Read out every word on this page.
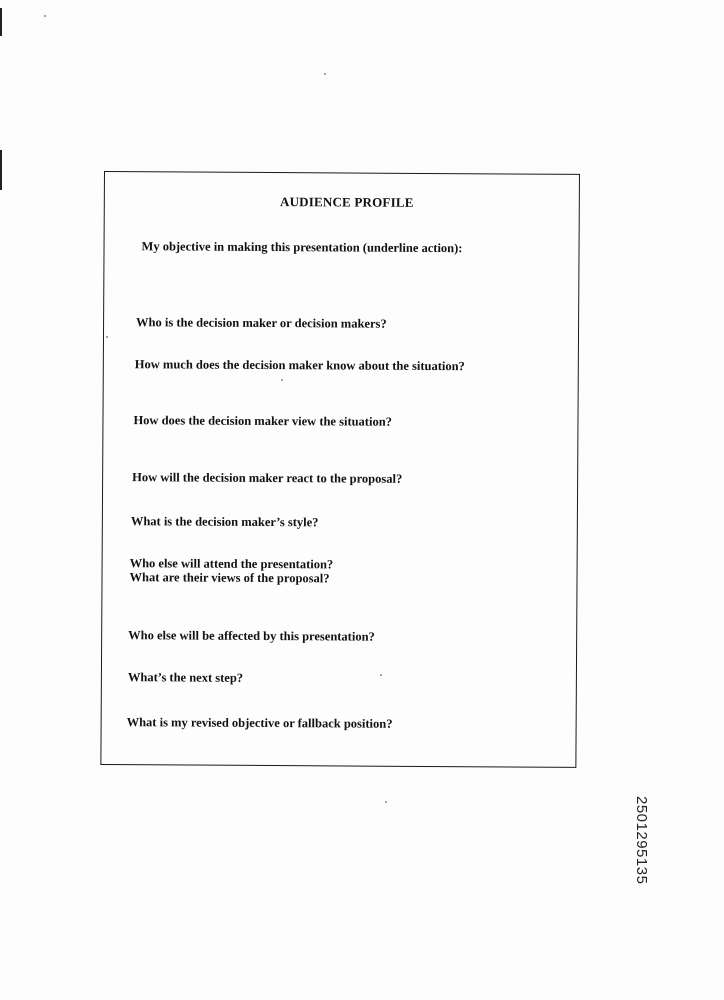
AUDIENCE PROFILE
My objective in making this presentation (underline action):
Who is the decision maker or decision makers?
How much does the decision maker know about the situation?
How does the decision maker view the situation?
How will the decision maker react to the proposal?
What is the decision maker’s style?
Who else will attend the presentation?
What are their views of the proposal?
Who else will be affected by this presentation?
What’s the next step?
What is my revised objective or fallback position?
2501295135
